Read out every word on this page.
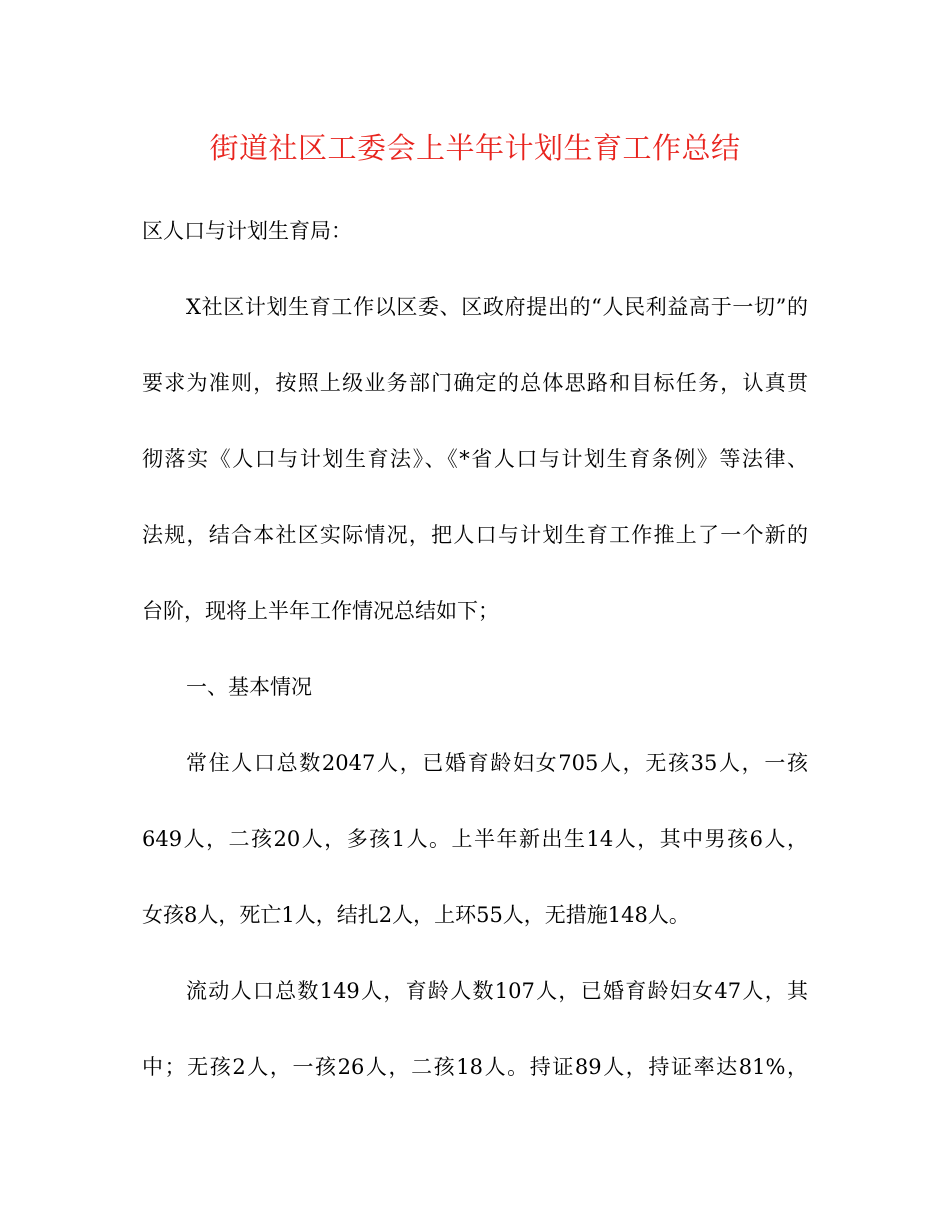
街道社区工委会上半年计划生育工作总结
区人口与计划生育局：
X社区计划生育工作以区委、区政府提出的“人民利益高于一切”的
要求为准则，按照上级业务部门确定的总体思路和目标任务，认真贯
彻落实《人口与计划生育法》、《*省人口与计划生育条例》等法律、
法规，结合本社区实际情况，把人口与计划生育工作推上了一个新的
台阶，现将上半年工作情况总结如下；
一、基本情况
常住人口总数2047人，已婚育龄妇女705人，无孩35人，一孩
649人，二孩20人，多孩1人。上半年新出生14人，其中男孩6人，
女孩8人，死亡1人，结扎2人，上环55人，无措施148人。
流动人口总数149人，育龄人数107人，已婚育龄妇女47人，其
中；无孩2人，一孩26人，二孩18人。持证89人，持证率达81%，
